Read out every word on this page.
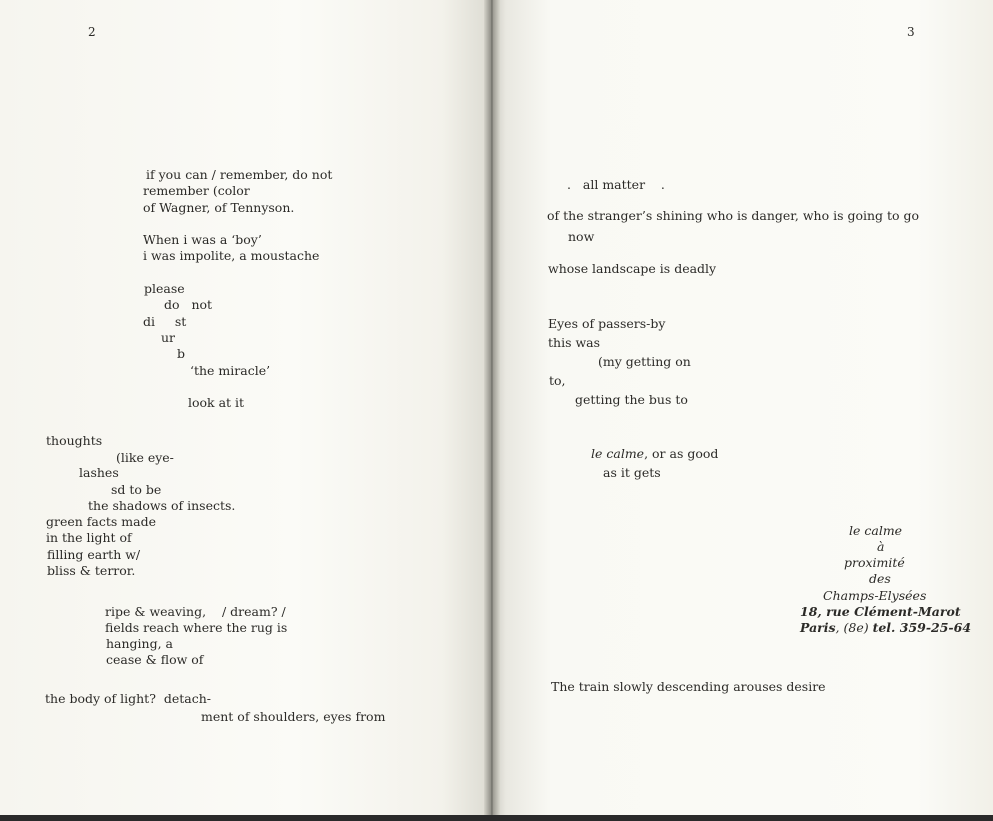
2
if you can / remember, do not
remember (color
of Wagner, of Tennyson.
When i was a ‘boy’
i was impolite, a moustache
please
do   not
di     st
ur
b
‘the miracle’
look at it
thoughts
(like eye-
lashes
sd to be
the shadows of insects.
green facts made
in the light of
filling earth w/
bliss & terror.
ripe & weaving,    / dream? /
fields reach where the rug is
hanging, a
cease & flow of
the body of light?  detach-
ment of shoulders, eyes from
3
.   all matter    .
of the stranger’s shining who is danger, who is going to go
now
whose landscape is deadly
Eyes of passers-by
this was
(my getting on
to,
getting the bus to
le calme, or as good
as it gets
le calme
à
proximité
des
Champs-Elysées
18, rue Clément-Marot
Paris, (8e) tel. 359-25-64
The train slowly descending arouses desire
